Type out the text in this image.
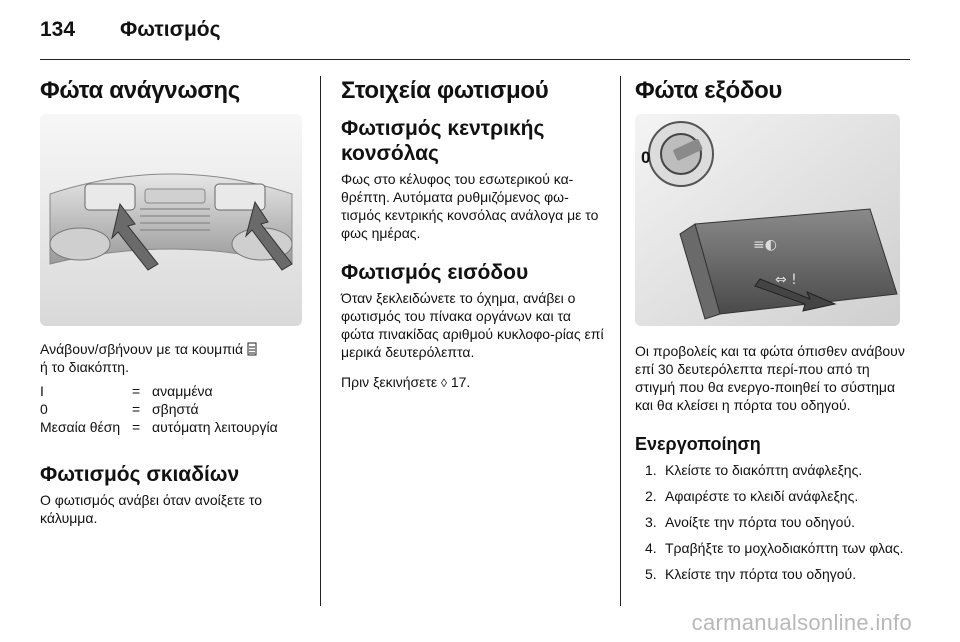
134 Φωτισμός
Φώτα ανάγνωσης

Ανάβουν/σβήνουν με τα κουμπιά
ή το διακόπτη.

I	=	αναμμένα
0	=	σβηστά
Μεσαία θέση	=	αυτόματη λειτουργία
Φωτισμός σκιαδίων

Ο φωτισμός ανάβει όταν ανοίξετε το κάλυμμα.

Στοιχεία φωτισμού
Φωτισμός κεντρικής κονσόλας

Φως στο κέλυφος του εσωτερικού κα-θρέπτη. Αυτόματα ρυθμιζόμενος φω-τισμός κεντρικής κονσόλας ανάλογα με το φως ημέρας.

Φωτισμός εισόδου

Όταν ξεκλειδώνετε το όχημα, ανάβει ο φωτισμός του πίνακα οργάνων και τα φώτα πινακίδας αριθμού κυκλοφο-ρίας επί μερικά δευτερόλεπτα.

Πριν ξεκινήσετε ◊ 17.

Φώτα εξόδου
≡◐
⇔ !
0

Οι προβολείς και τα φώτα όπισθεν ανάβουν επί 30 δευτερόλεπτα περί-που από τη στιγμή που θα ενεργο-ποιηθεί το σύστημα και θα κλείσει η πόρτα του οδηγού.

Ενεργοποίηση
1. Κλείστε το διακόπτη ανάφλεξης.
2. Αφαιρέστε το κλειδί ανάφλεξης.
3. Ανοίξτε την πόρτα του οδηγού.
4. Τραβήξτε το μοχλοδιακόπτη των φλας.
5. Κλείστε την πόρτα του οδηγού.
carmanualsonline.info
